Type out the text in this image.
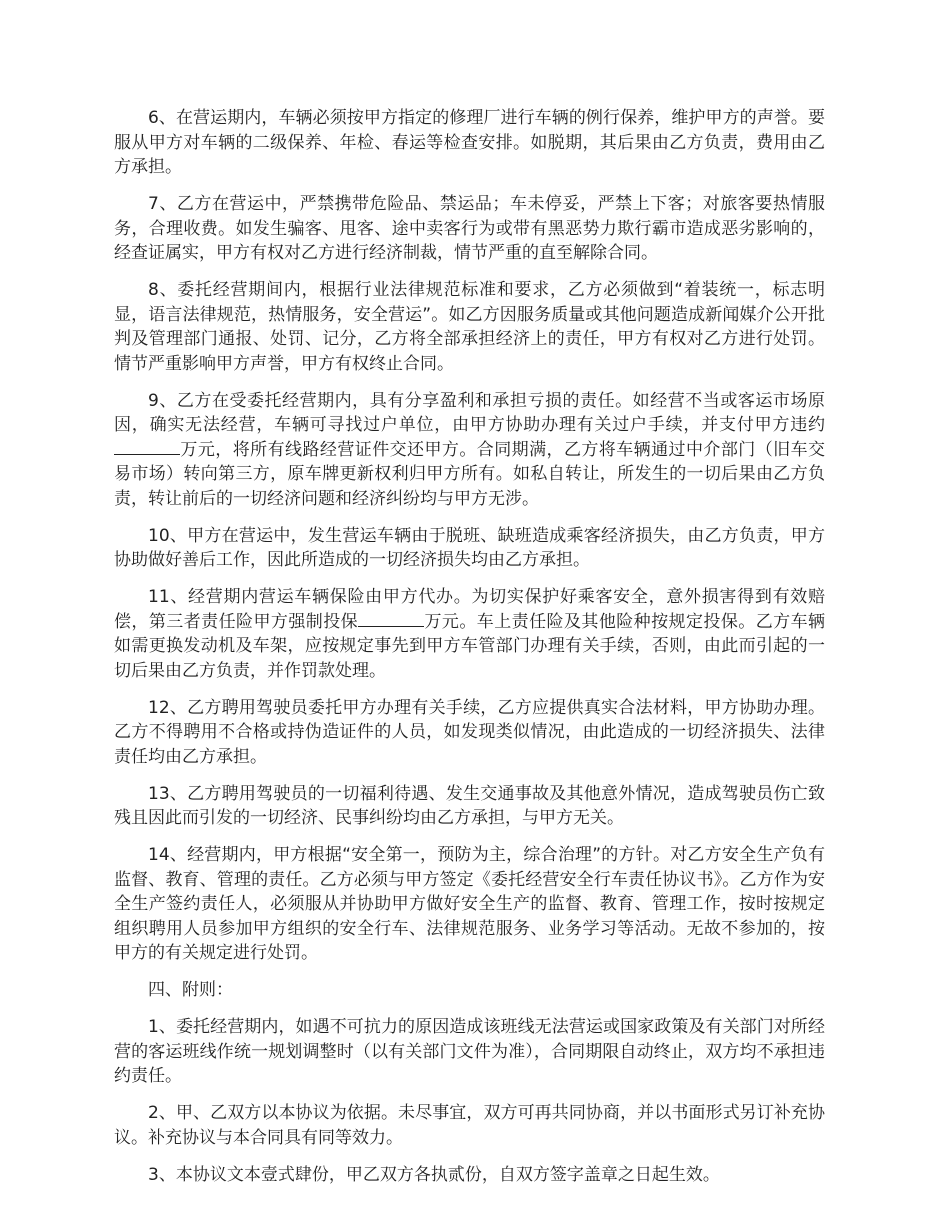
6、在营运期内，车辆必须按甲方指定的修理厂进行车辆的例行保养，维护甲方的声誉。要服从甲方对车辆的二级保养、年检、春运等检查安排。如脱期，其后果由乙方负责，费用由乙方承担。

7、乙方在营运中，严禁携带危险品、禁运品；车未停妥，严禁上下客；对旅客要热情服务，合理收费。如发生骗客、甩客、途中卖客行为或带有黑恶势力欺行霸市造成恶劣影响的，经查证属实，甲方有权对乙方进行经济制裁，情节严重的直至解除合同。

8、委托经营期间内，根据行业法律规范标准和要求，乙方必须做到“着装统一，标志明显，语言法律规范，热情服务，安全营运”。如乙方因服务质量或其他问题造成新闻媒介公开批判及管理部门通报、处罚、记分，乙方将全部承担经济上的责任，甲方有权对乙方进行处罚。情节严重影响甲方声誉，甲方有权终止合同。

9、乙方在受委托经营期内，具有分享盈利和承担亏损的责任。如经营不当或客运市场原因，确实无法经营，车辆可寻找过户单位，由甲方协助办理有关过户手续，并支付甲方违约万元，将所有线路经营证件交还甲方。合同期满，乙方将车辆通过中介部门（旧车交易市场）转向第三方，原车牌更新权利归甲方所有。如私自转让，所发生的一切后果由乙方负责，转让前后的一切经济问题和经济纠纷均与甲方无涉。

10、甲方在营运中，发生营运车辆由于脱班、缺班造成乘客经济损失，由乙方负责，甲方协助做好善后工作，因此所造成的一切经济损失均由乙方承担。

11、经营期内营运车辆保险由甲方代办。为切实保护好乘客安全，意外损害得到有效赔偿，第三者责任险甲方强制投保	万元。车上责任险及其他险种按规定投保。乙方车辆如需更换发动机及车架，应按规定事先到甲方车管部门办理有关手续，否则，由此而引起的一切后果由乙方负责，并作罚款处理。

12、乙方聘用驾驶员委托甲方办理有关手续，乙方应提供真实合法材料，甲方协助办理。乙方不得聘用不合格或持伪造证件的人员，如发现类似情况，由此造成的一切经济损失、法律责任均由乙方承担。

13、乙方聘用驾驶员的一切福利待遇、发生交通事故及其他意外情况，造成驾驶员伤亡致残且因此而引发的一切经济、民事纠纷均由乙方承担，与甲方无关。

14、经营期内，甲方根据“安全第一，预防为主，综合治理”的方针。对乙方安全生产负有监督、教育、管理的责任。乙方必须与甲方签定《委托经营安全行车责任协议书》。乙方作为安全生产签约责任人，必须服从并协助甲方做好安全生产的监督、教育、管理工作，按时按规定组织聘用人员参加甲方组织的安全行车、法律规范服务、业务学习等活动。无故不参加的，按甲方的有关规定进行处罚。

四、附则：

1、委托经营期内，如遇不可抗力的原因造成该班线无法营运或国家政策及有关部门对所经营的客运班线作统一规划调整时（以有关部门文件为准），合同期限自动终止，双方均不承担违约责任。

2、甲、乙双方以本协议为依据。未尽事宜，双方可再共同协商，并以书面形式另订补充协议。补充协议与本合同具有同等效力。

3、本协议文本壹式肆份，甲乙双方各执贰份，自双方签字盖章之日起生效。
